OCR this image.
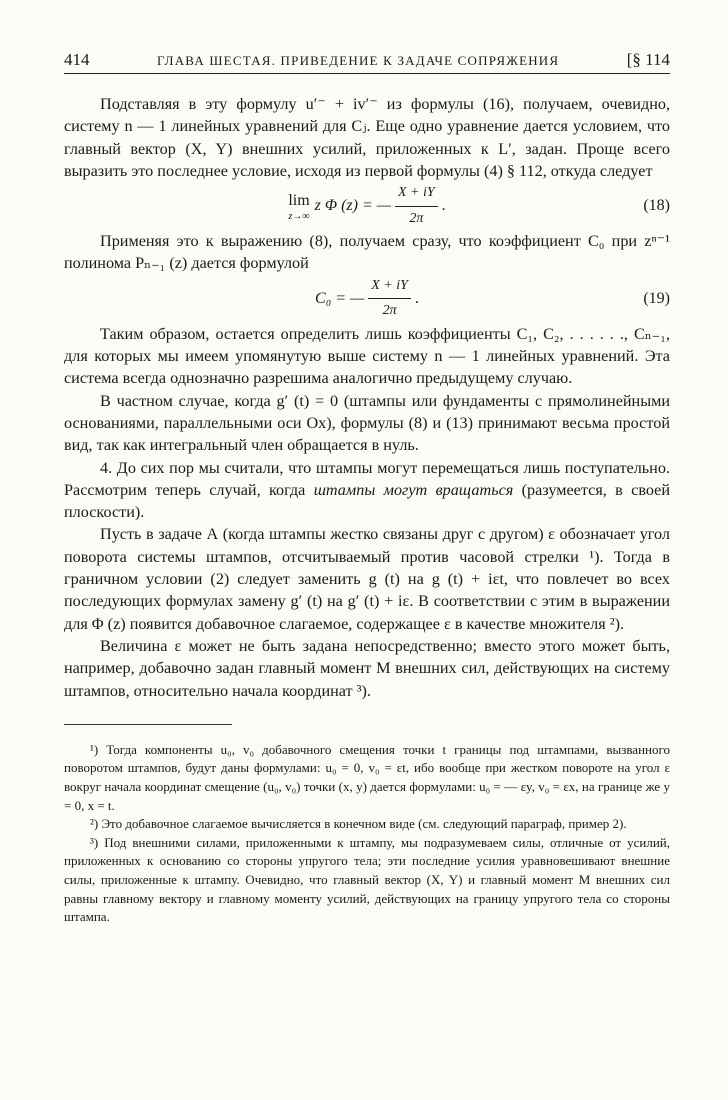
414	ГЛАВА ШЕСТАЯ. ПРИВЕДЕНИЕ К ЗАДАЧЕ СОПРЯЖЕНИЯ	[§ 114

Подставляя в эту формулу u′⁻ + iv′⁻ из формулы (16), получаем, очевидно, систему n — 1 линейных уравнений для Cⱼ. Еще одно уравнение дается условием, что главный вектор (X, Y) внешних усилий, приложенных к L′, задан. Проще всего выразить это последнее условие, исходя из первой формулы (4) § 112, откуда следует

lim
z→∞
z Φ (z) = — $\frac{X + iY}{2\pi}$ .	(18)

Применяя это к выражению (8), получаем сразу, что коэффициент C₀ при zⁿ⁻¹ полинома Pₙ₋₁ (z) дается формулой

C₀ = — $\frac{X + iY}{2\pi}$ .	(19)

Таким образом, остается определить лишь коэффициенты C₁, C₂, . . . . . ., Cₙ₋₁, для которых мы имеем упомянутую выше систему n — 1 линейных уравнений. Эта система всегда однозначно разрешима аналогично предыдущему случаю.

В частном случае, когда g′ (t) = 0 (штампы или фундаменты с прямолинейными основаниями, параллельными оси Ox), формулы (8) и (13) принимают весьма простой вид, так как интегральный член обращается в нуль.

4. До сих пор мы считали, что штампы могут перемещаться лишь поступательно. Рассмотрим теперь случай, когда штампы могут вращаться (разумеется, в своей плоскости).

Пусть в задаче А (когда штампы жестко связаны друг с другом) ε обозначает угол поворота системы штампов, отсчитываемый против часовой стрелки ¹). Тогда в граничном условии (2) следует заменить g (t) на g (t) + iεt, что повлечет во всех последующих формулах замену g′ (t) на g′ (t) + iε. В соответствии с этим в выражении для Φ (z) появится добавочное слагаемое, содержащее ε в качестве множителя ²).

Величина ε может не быть задана непосредственно; вместо этого может быть, например, добавочно задан главный момент M внешних сил, действующих на систему штампов, относительно начала координат ³).

¹) Тогда компоненты u₀, v₀ добавочного смещения точки t границы под штампами, вызванного поворотом штампов, будут даны формулами: u₀ = 0, v₀ = εt, ибо вообще при жестком повороте на угол ε вокруг начала координат смещение (u₀, v₀) точки (x, y) дается формулами: u₀ = — εy, v₀ = εx, на границе же y = 0, x = t.

²) Это добавочное слагаемое вычисляется в конечном виде (см. следующий параграф, пример 2).

³) Под внешними силами, приложенными к штампу, мы подразумеваем силы, отличные от усилий, приложенных к основанию со стороны упругого тела; эти последние усилия уравновешивают внешние силы, приложенные к штампу. Очевидно, что главный вектор (X, Y) и главный момент M внешних сил равны главному вектору и главному моменту усилий, действующих на границу упругого тела со стороны штампа.
